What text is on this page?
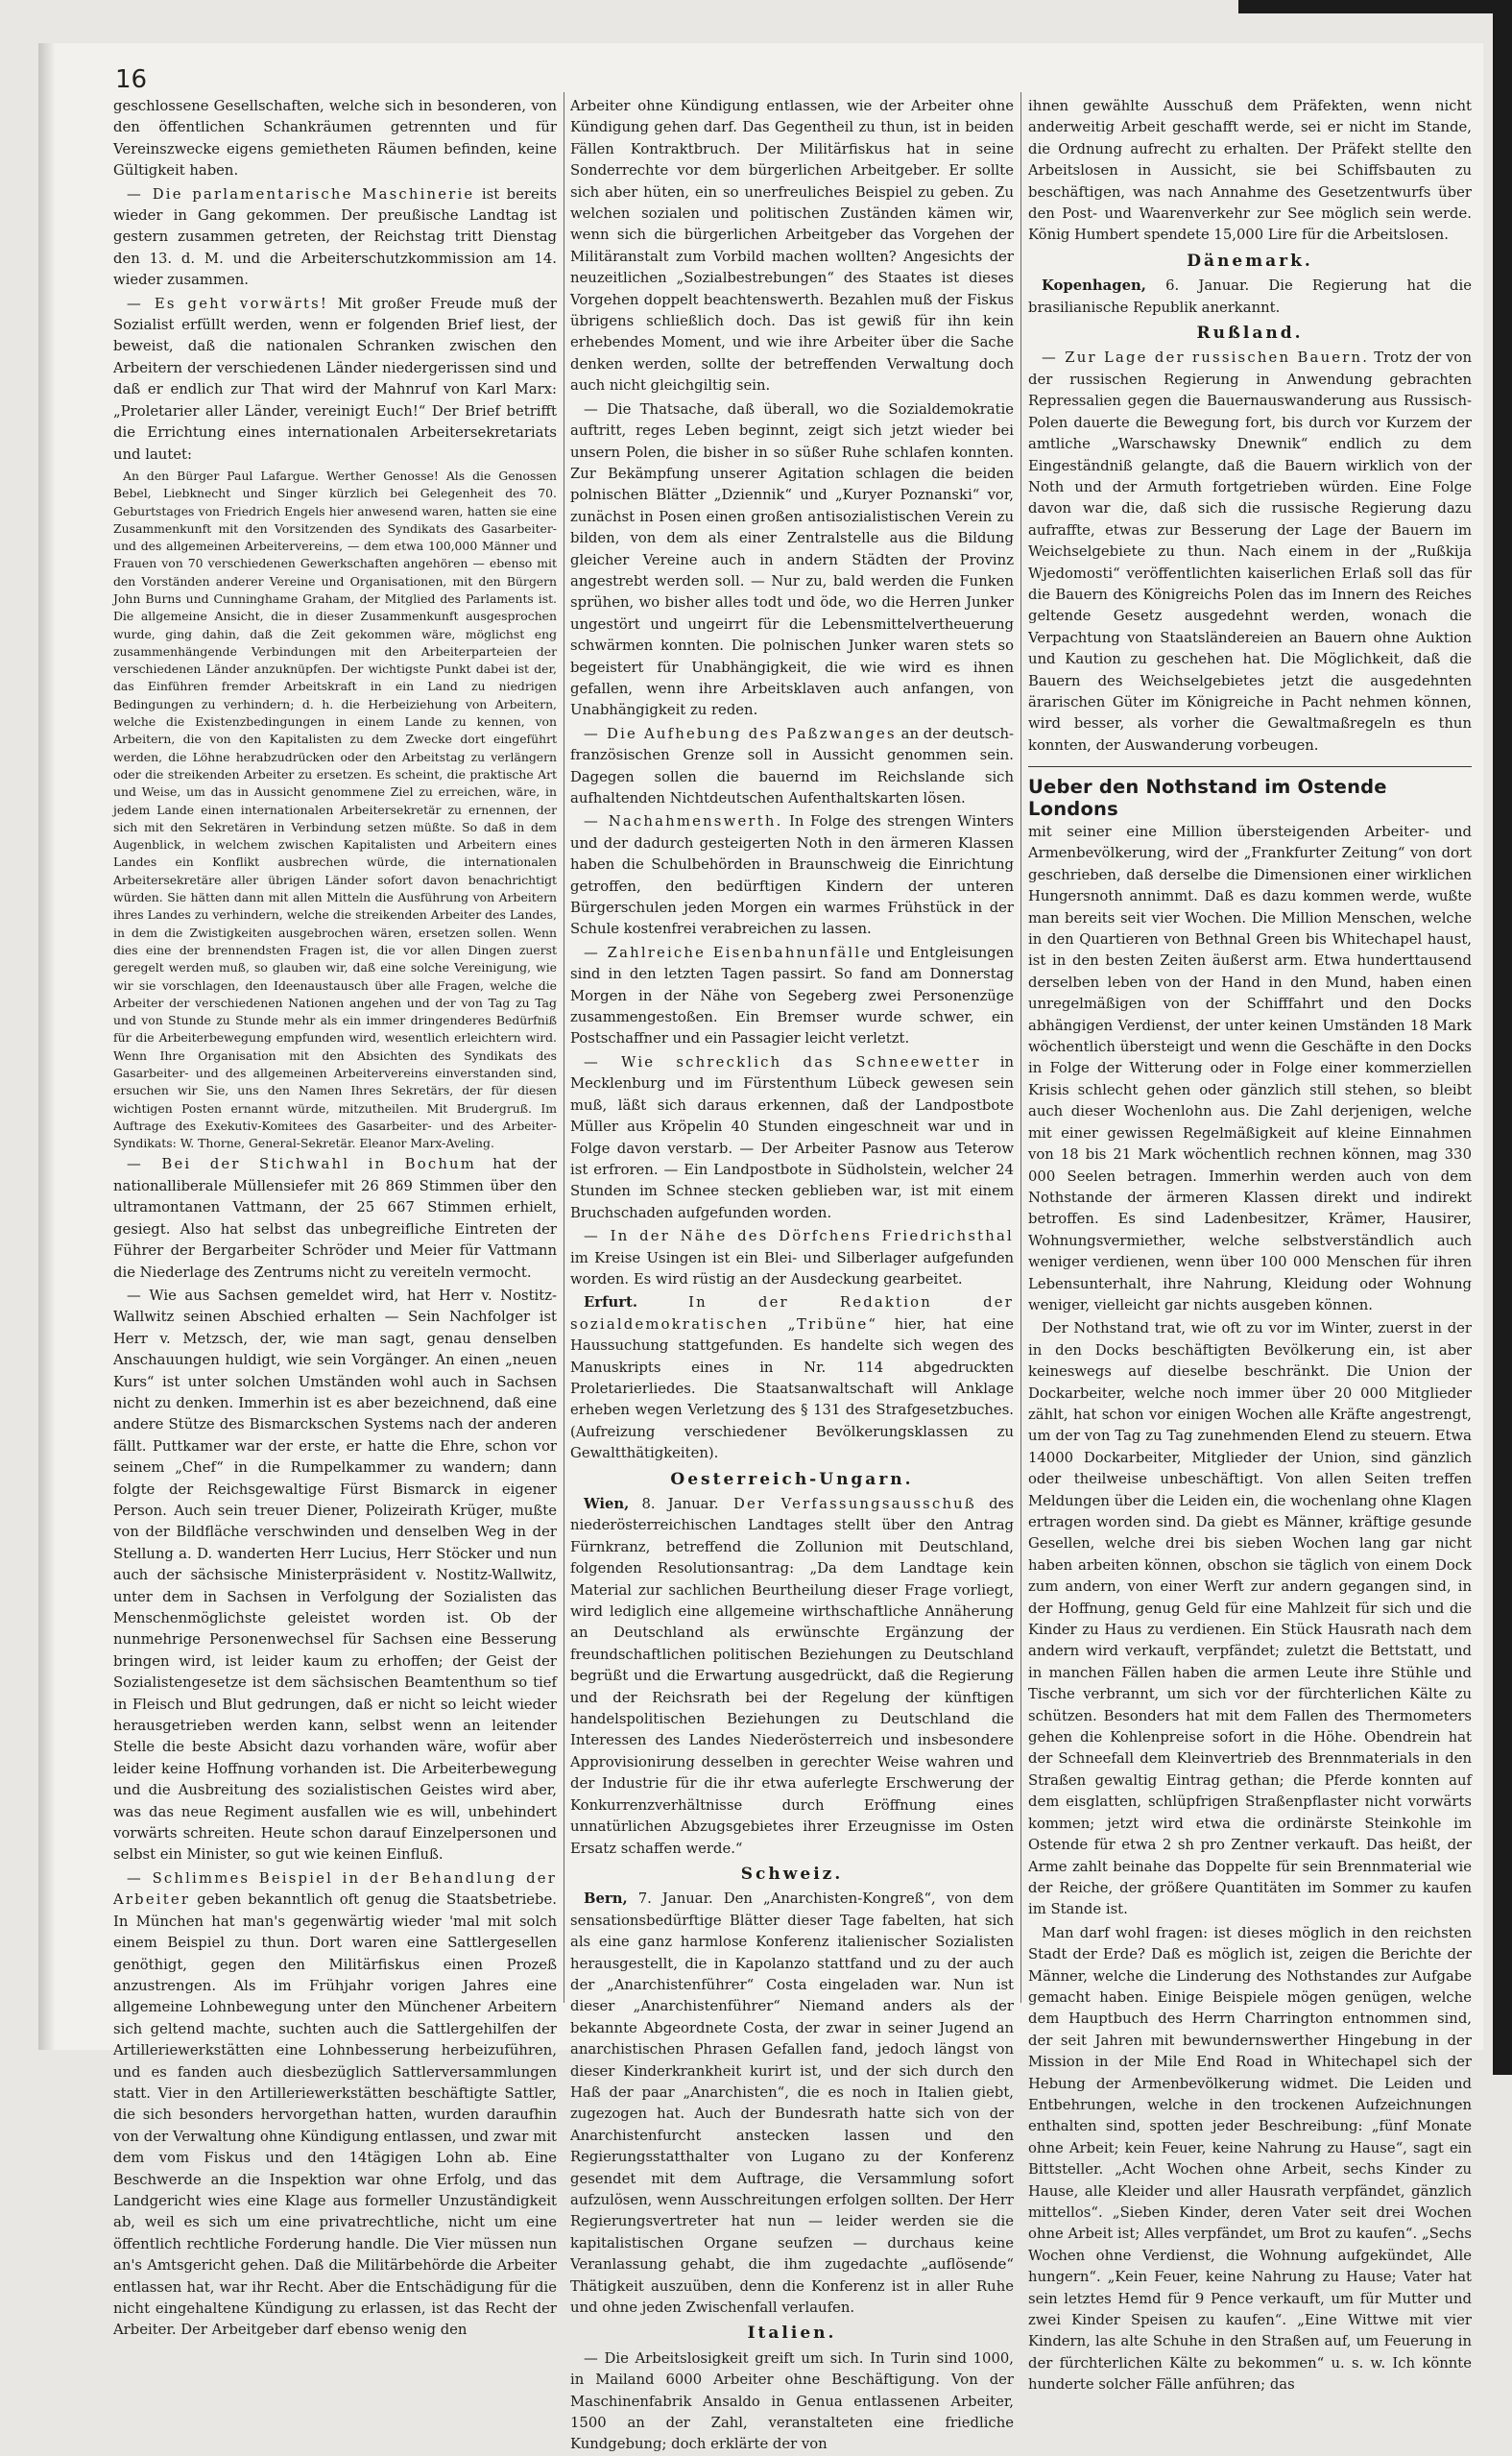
16

geschlossene Gesellschaften, welche sich in besonderen, von den öffentlichen Schankräumen getrennten und für Vereinszwecke eigens gemietheten Räumen befinden, keine Gültigkeit haben.

— Die parlamentarische Maschinerie ist bereits wieder in Gang gekommen. Der preußische Landtag ist gestern zusammen getreten, der Reichstag tritt Dienstag den 13. d. M. und die Arbeiterschutzkommission am 14. wieder zusammen.

— Es geht vorwärts! Mit großer Freude muß der Sozialist erfüllt werden, wenn er folgenden Brief liest, der beweist, daß die nationalen Schranken zwischen den Arbeitern der verschiedenen Länder niedergerissen sind und daß er endlich zur That wird der Mahnruf von Karl Marx: „Proletarier aller Länder, vereinigt Euch!“ Der Brief betrifft die Errichtung eines internationalen Arbeitersekretariats und lautet:

An den Bürger Paul Lafargue. Werther Genosse! Als die Genossen Bebel, Liebknecht und Singer kürzlich bei Gelegenheit des 70. Geburtstages von Friedrich Engels hier anwesend waren, hatten sie eine Zusammenkunft mit den Vorsitzenden des Syndikats des Gasarbeiter- und des allgemeinen Arbeitervereins, — dem etwa 100,000 Männer und Frauen von 70 verschiedenen Gewerkschaften angehören — ebenso mit den Vorständen anderer Vereine und Organisationen, mit den Bürgern John Burns und Cunninghame Graham, der Mitglied des Parlaments ist. Die allgemeine Ansicht, die in dieser Zusammenkunft ausgesprochen wurde, ging dahin, daß die Zeit gekommen wäre, möglichst eng zusammenhängende Verbindungen mit den Arbeiterparteien der verschiedenen Länder anzuknüpfen. Der wichtigste Punkt dabei ist der, das Einführen fremder Arbeitskraft in ein Land zu niedrigen Bedingungen zu verhindern; d. h. die Herbeiziehung von Arbeitern, welche die Existenzbedingungen in einem Lande zu kennen, von Arbeitern, die von den Kapitalisten zu dem Zwecke dort eingeführt werden, die Löhne herabzudrücken oder den Arbeitstag zu verlängern oder die streikenden Arbeiter zu ersetzen. Es scheint, die praktische Art und Weise, um das in Aussicht genommene Ziel zu erreichen, wäre, in jedem Lande einen internationalen Arbeitersekretär zu ernennen, der sich mit den Sekretären in Verbindung setzen müßte. So daß in dem Augenblick, in welchem zwischen Kapitalisten und Arbeitern eines Landes ein Konflikt ausbrechen würde, die internationalen Arbeitersekretäre aller übrigen Länder sofort davon benachrichtigt würden. Sie hätten dann mit allen Mitteln die Ausführung von Arbeitern ihres Landes zu verhindern, welche die streikenden Arbeiter des Landes, in dem die Zwistigkeiten ausgebrochen wären, ersetzen sollen. Wenn dies eine der brennendsten Fragen ist, die vor allen Dingen zuerst geregelt werden muß, so glauben wir, daß eine solche Vereinigung, wie wir sie vorschlagen, den Ideenaustausch über alle Fragen, welche die Arbeiter der verschiedenen Nationen angehen und der von Tag zu Tag und von Stunde zu Stunde mehr als ein immer dringenderes Bedürfniß für die Arbeiterbewegung empfunden wird, wesentlich erleichtern wird. Wenn Ihre Organisation mit den Absichten des Syndikats des Gasarbeiter- und des allgemeinen Arbeitervereins einverstanden sind, ersuchen wir Sie, uns den Namen Ihres Sekretärs, der für diesen wichtigen Posten ernannt würde, mitzutheilen. Mit Brudergruß. Im Auftrage des Exekutiv-Komitees des Gasarbeiter- und des Arbeiter-Syndikats: W. Thorne, General-Sekretär. Eleanor Marx-Aveling.

— Bei der Stichwahl in Bochum hat der nationalliberale Müllensiefer mit 26 869 Stimmen über den ultramontanen Vattmann, der 25 667 Stimmen erhielt, gesiegt. Also hat selbst das unbegreifliche Eintreten der Führer der Bergarbeiter Schröder und Meier für Vattmann die Niederlage des Zentrums nicht zu vereiteln vermocht.

— Wie aus Sachsen gemeldet wird, hat Herr v. Nostitz-Wallwitz seinen Abschied erhalten — Sein Nachfolger ist Herr v. Metzsch, der, wie man sagt, genau denselben Anschauungen huldigt, wie sein Vorgänger. An einen „neuen Kurs“ ist unter solchen Umständen wohl auch in Sachsen nicht zu denken. Immerhin ist es aber bezeichnend, daß eine andere Stütze des Bismarckschen Systems nach der anderen fällt. Puttkamer war der erste, er hatte die Ehre, schon vor seinem „Chef“ in die Rumpelkammer zu wandern; dann folgte der Reichsgewaltige Fürst Bismarck in eigener Person. Auch sein treuer Diener, Polizeirath Krüger, mußte von der Bildfläche verschwinden und denselben Weg in der Stellung a. D. wanderten Herr Lucius, Herr Stöcker und nun auch der sächsische Ministerpräsident v. Nostitz-Wallwitz, unter dem in Sachsen in Verfolgung der Sozialisten das Menschenmöglichste geleistet worden ist. Ob der nunmehrige Personenwechsel für Sachsen eine Besserung bringen wird, ist leider kaum zu erhoffen; der Geist der Sozialistengesetze ist dem sächsischen Beamtenthum so tief in Fleisch und Blut gedrungen, daß er nicht so leicht wieder herausgetrieben werden kann, selbst wenn an leitender Stelle die beste Absicht dazu vorhanden wäre, wofür aber leider keine Hoffnung vorhanden ist. Die Arbeiterbewegung und die Ausbreitung des sozialistischen Geistes wird aber, was das neue Regiment ausfallen wie es will, unbehindert vorwärts schreiten. Heute schon darauf Einzelpersonen und selbst ein Minister, so gut wie keinen Einfluß.

— Schlimmes Beispiel in der Behandlung der Arbeiter geben bekanntlich oft genug die Staatsbetriebe. In München hat man's gegenwärtig wieder 'mal mit solch einem Beispiel zu thun. Dort waren eine Sattlergesellen genöthigt, gegen den Militärfiskus einen Prozeß anzustrengen. Als im Frühjahr vorigen Jahres eine allgemeine Lohnbewegung unter den Münchener Arbeitern sich geltend machte, suchten auch die Sattlergehilfen der Artilleriewerkstätten eine Lohnbesserung herbeizuführen, und es fanden auch diesbezüglich Sattlerversammlungen statt. Vier in den Artilleriewerkstätten beschäftigte Sattler, die sich besonders hervorgethan hatten, wurden daraufhin von der Verwaltung ohne Kündigung entlassen, und zwar mit dem vom Fiskus und den 14tägigen Lohn ab. Eine Beschwerde an die Inspektion war ohne Erfolg, und das Landgericht wies eine Klage aus formeller Unzuständigkeit ab, weil es sich um eine privatrechtliche, nicht um eine öffentlich rechtliche Forderung handle. Die Vier müssen nun an's Amtsgericht gehen. Daß die Militärbehörde die Arbeiter entlassen hat, war ihr Recht. Aber die Entschädigung für die nicht eingehaltene Kündigung zu erlassen, ist das Recht der Arbeiter. Der Arbeitgeber darf ebenso wenig den

Arbeiter ohne Kündigung entlassen, wie der Arbeiter ohne Kündigung gehen darf. Das Gegentheil zu thun, ist in beiden Fällen Kontraktbruch. Der Militärfiskus hat in seine Sonderrechte vor dem bürgerlichen Arbeitgeber. Er sollte sich aber hüten, ein so unerfreuliches Beispiel zu geben. Zu welchen sozialen und politischen Zuständen kämen wir, wenn sich die bürgerlichen Arbeitgeber das Vorgehen der Militäranstalt zum Vorbild machen wollten? Angesichts der neuzeitlichen „Sozialbestrebungen“ des Staates ist dieses Vorgehen doppelt beachtenswerth. Bezahlen muß der Fiskus übrigens schließlich doch. Das ist gewiß für ihn kein erhebendes Moment, und wie ihre Arbeiter über die Sache denken werden, sollte der betreffenden Verwaltung doch auch nicht gleichgiltig sein.

— Die Thatsache, daß überall, wo die Sozialdemokratie auftritt, reges Leben beginnt, zeigt sich jetzt wieder bei unsern Polen, die bisher in so süßer Ruhe schlafen konnten. Zur Bekämpfung unserer Agitation schlagen die beiden polnischen Blätter „Dziennik“ und „Kuryer Poznanski“ vor, zunächst in Posen einen großen antisozialistischen Verein zu bilden, von dem als einer Zentralstelle aus die Bildung gleicher Vereine auch in andern Städten der Provinz angestrebt werden soll. — Nur zu, bald werden die Funken sprühen, wo bisher alles todt und öde, wo die Herren Junker ungestört und ungeirrt für die Lebensmittelvertheuerung schwärmen konnten. Die polnischen Junker waren stets so begeistert für Unabhängigkeit, die wie wird es ihnen gefallen, wenn ihre Arbeitsklaven auch anfangen, von Unabhängigkeit zu reden.

— Die Aufhebung des Paßzwanges an der deutsch-französischen Grenze soll in Aussicht genommen sein. Dagegen sollen die bauernd im Reichslande sich aufhaltenden Nichtdeutschen Aufenthaltskarten lösen.

— Nachahmenswerth. In Folge des strengen Winters und der dadurch gesteigerten Noth in den ärmeren Klassen haben die Schulbehörden in Braunschweig die Einrichtung getroffen, den bedürftigen Kindern der unteren Bürgerschulen jeden Morgen ein warmes Frühstück in der Schule kostenfrei verabreichen zu lassen.

— Zahlreiche Eisenbahnunfälle und Entgleisungen sind in den letzten Tagen passirt. So fand am Donnerstag Morgen in der Nähe von Segeberg zwei Personenzüge zusammengestoßen. Ein Bremser wurde schwer, ein Postschaffner und ein Passagier leicht verletzt.

— Wie schrecklich das Schneewetter in Mecklenburg und im Fürstenthum Lübeck gewesen sein muß, läßt sich daraus erkennen, daß der Landpostbote Müller aus Kröpelin 40 Stunden eingeschneit war und in Folge davon verstarb. — Der Arbeiter Pasnow aus Teterow ist erfroren. — Ein Landpostbote in Südholstein, welcher 24 Stunden im Schnee stecken geblieben war, ist mit einem Bruchschaden aufgefunden worden.

— In der Nähe des Dörfchens Friedrichsthal im Kreise Usingen ist ein Blei- und Silberlager aufgefunden worden. Es wird rüstig an der Ausdeckung gearbeitet.

Erfurt. In der Redaktion der sozialdemokratischen „Tribüne“ hier, hat eine Haussuchung stattgefunden. Es handelte sich wegen des Manuskripts eines in Nr. 114 abgedruckten Proletarierliedes. Die Staatsanwaltschaft will Anklage erheben wegen Verletzung des § 131 des Strafgesetzbuches. (Aufreizung verschiedener Bevölkerungsklassen zu Gewaltthätigkeiten).

Oesterreich-Ungarn.

Wien, 8. Januar. Der Verfassungsausschuß des niederösterreichischen Landtages stellt über den Antrag Fürnkranz, betreffend die Zollunion mit Deutschland, folgenden Resolutionsantrag: „Da dem Landtage kein Material zur sachlichen Beurtheilung dieser Frage vorliegt, wird lediglich eine allgemeine wirthschaftliche Annäherung an Deutschland als erwünschte Ergänzung der freundschaftlichen politischen Beziehungen zu Deutschland begrüßt und die Erwartung ausgedrückt, daß die Regierung und der Reichsrath bei der Regelung der künftigen handelspolitischen Beziehungen zu Deutschland die Interessen des Landes Niederösterreich und insbesondere Approvisionirung desselben in gerechter Weise wahren und der Industrie für die ihr etwa auferlegte Erschwerung der Konkurrenzverhältnisse durch Eröffnung eines unnatürlichen Abzugsgebietes ihrer Erzeugnisse im Osten Ersatz schaffen werde.“

Schweiz.

Bern, 7. Januar. Den „Anarchisten-Kongreß“, von dem sensationsbedürftige Blätter dieser Tage fabelten, hat sich als eine ganz harmlose Konferenz italienischer Sozialisten herausgestellt, die in Kapolanzo stattfand und zu der auch der „Anarchistenführer“ Costa eingeladen war. Nun ist dieser „Anarchistenführer“ Niemand anders als der bekannte Abgeordnete Costa, der zwar in seiner Jugend an anarchistischen Phrasen Gefallen fand, jedoch längst von dieser Kinderkrankheit kurirt ist, und der sich durch den Haß der paar „Anarchisten“, die es noch in Italien giebt, zugezogen hat. Auch der Bundesrath hatte sich von der Anarchistenfurcht anstecken lassen und den Regierungsstatthalter von Lugano zu der Konferenz gesendet mit dem Auftrage, die Versammlung sofort aufzulösen, wenn Ausschreitungen erfolgen sollten. Der Herr Regierungsvertreter hat nun — leider werden sie die kapitalistischen Organe seufzen — durchaus keine Veranlassung gehabt, die ihm zugedachte „auflösende“ Thätigkeit auszuüben, denn die Konferenz ist in aller Ruhe und ohne jeden Zwischenfall verlaufen.

Italien.

— Die Arbeitslosigkeit greift um sich. In Turin sind 1000, in Mailand 6000 Arbeiter ohne Beschäftigung. Von der Maschinenfabrik Ansaldo in Genua entlassenen Arbeiter, 1500 an der Zahl, veranstalteten eine friedliche Kundgebung; doch erklärte der von

ihnen gewählte Ausschuß dem Präfekten, wenn nicht anderweitig Arbeit geschafft werde, sei er nicht im Stande, die Ordnung aufrecht zu erhalten. Der Präfekt stellte den Arbeitslosen in Aussicht, sie bei Schiffsbauten zu beschäftigen, was nach Annahme des Gesetzentwurfs über den Post- und Waarenverkehr zur See möglich sein werde. König Humbert spendete 15,000 Lire für die Arbeitslosen.

Dänemark.

Kopenhagen, 6. Januar. Die Regierung hat die brasilianische Republik anerkannt.

Rußland.

— Zur Lage der russischen Bauern. Trotz der von der russischen Regierung in Anwendung gebrachten Repressalien gegen die Bauernauswanderung aus Russisch-Polen dauerte die Bewegung fort, bis durch vor Kurzem der amtliche „Warschawsky Dnewnik“ endlich zu dem Eingeständniß gelangte, daß die Bauern wirklich von der Noth und der Armuth fortgetrieben würden. Eine Folge davon war die, daß sich die russische Regierung dazu aufraffte, etwas zur Besserung der Lage der Bauern im Weichselgebiete zu thun. Nach einem in der „Rußkija Wjedomosti“ veröffentlichten kaiserlichen Erlaß soll das für die Bauern des Königreichs Polen das im Innern des Reiches geltende Gesetz ausgedehnt werden, wonach die Verpachtung von Staatsländereien an Bauern ohne Auktion und Kaution zu geschehen hat. Die Möglichkeit, daß die Bauern des Weichselgebietes jetzt die ausgedehnten ärarischen Güter im Königreiche in Pacht nehmen können, wird besser, als vorher die Gewaltmaßregeln es thun konnten, der Auswanderung vorbeugen.

Ueber den Nothstand im Ostende Londons

mit seiner eine Million übersteigenden Arbeiter- und Armenbevölkerung, wird der „Frankfurter Zeitung“ von dort geschrieben, daß derselbe die Dimensionen einer wirklichen Hungersnoth annimmt. Daß es dazu kommen werde, wußte man bereits seit vier Wochen. Die Million Menschen, welche in den Quartieren von Bethnal Green bis Whitechapel haust, ist in den besten Zeiten äußerst arm. Etwa hunderttausend derselben leben von der Hand in den Mund, haben einen unregelmäßigen von der Schifffahrt und den Docks abhängigen Verdienst, der unter keinen Umständen 18 Mark wöchentlich übersteigt und wenn die Geschäfte in den Docks in Folge der Witterung oder in Folge einer kommerziellen Krisis schlecht gehen oder gänzlich still stehen, so bleibt auch dieser Wochenlohn aus. Die Zahl derjenigen, welche mit einer gewissen Regelmäßigkeit auf kleine Einnahmen von 18 bis 21 Mark wöchentlich rechnen können, mag 330 000 Seelen betragen. Immerhin werden auch von dem Nothstande der ärmeren Klassen direkt und indirekt betroffen. Es sind Ladenbesitzer, Krämer, Hausirer, Wohnungsvermiether, welche selbstverständlich auch weniger verdienen, wenn über 100 000 Menschen für ihren Lebensunterhalt, ihre Nahrung, Kleidung oder Wohnung weniger, vielleicht gar nichts ausgeben können.

Der Nothstand trat, wie oft zu vor im Winter, zuerst in der in den Docks beschäftigten Bevölkerung ein, ist aber keineswegs auf dieselbe beschränkt. Die Union der Dockarbeiter, welche noch immer über 20 000 Mitglieder zählt, hat schon vor einigen Wochen alle Kräfte angestrengt, um der von Tag zu Tag zunehmenden Elend zu steuern. Etwa 14000 Dockarbeiter, Mitglieder der Union, sind gänzlich oder theilweise unbeschäftigt. Von allen Seiten treffen Meldungen über die Leiden ein, die wochenlang ohne Klagen ertragen worden sind. Da giebt es Männer, kräftige gesunde Gesellen, welche drei bis sieben Wochen lang gar nicht haben arbeiten können, obschon sie täglich von einem Dock zum andern, von einer Werft zur andern gegangen sind, in der Hoffnung, genug Geld für eine Mahlzeit für sich und die Kinder zu Haus zu verdienen. Ein Stück Hausrath nach dem andern wird verkauft, verpfändet; zuletzt die Bettstatt, und in manchen Fällen haben die armen Leute ihre Stühle und Tische verbrannt, um sich vor der fürchterlichen Kälte zu schützen. Besonders hat mit dem Fallen des Thermometers gehen die Kohlenpreise sofort in die Höhe. Obendrein hat der Schneefall dem Kleinvertrieb des Brennmaterials in den Straßen gewaltig Eintrag gethan; die Pferde konnten auf dem eisglatten, schlüpfrigen Straßenpflaster nicht vorwärts kommen; jetzt wird etwa die ordinärste Steinkohle im Ostende für etwa 2 sh pro Zentner verkauft. Das heißt, der Arme zahlt beinahe das Doppelte für sein Brennmaterial wie der Reiche, der größere Quantitäten im Sommer zu kaufen im Stande ist.

Man darf wohl fragen: ist dieses möglich in den reichsten Stadt der Erde? Daß es möglich ist, zeigen die Berichte der Männer, welche die Linderung des Nothstandes zur Aufgabe gemacht haben. Einige Beispiele mögen genügen, welche dem Hauptbuch des Herrn Charrington entnommen sind, der seit Jahren mit bewundernswerther Hingebung in der Mission in der Mile End Road in Whitechapel sich der Hebung der Armenbevölkerung widmet. Die Leiden und Entbehrungen, welche in den trockenen Aufzeichnungen enthalten sind, spotten jeder Beschreibung: „fünf Monate ohne Arbeit; kein Feuer, keine Nahrung zu Hause“, sagt ein Bittsteller. „Acht Wochen ohne Arbeit, sechs Kinder zu Hause, alle Kleider und aller Hausrath verpfändet, gänzlich mittellos“. „Sieben Kinder, deren Vater seit drei Wochen ohne Arbeit ist; Alles verpfändet, um Brot zu kaufen“. „Sechs Wochen ohne Verdienst, die Wohnung aufgekündet, Alle hungern“. „Kein Feuer, keine Nahrung zu Hause; Vater hat sein letztes Hemd für 9 Pence verkauft, um für Mutter und zwei Kinder Speisen zu kaufen“. „Eine Wittwe mit vier Kindern, las alte Schuhe in den Straßen auf, um Feuerung in der fürchterlichen Kälte zu bekommen“ u. s. w. Ich könnte hunderte solcher Fälle anführen; das
